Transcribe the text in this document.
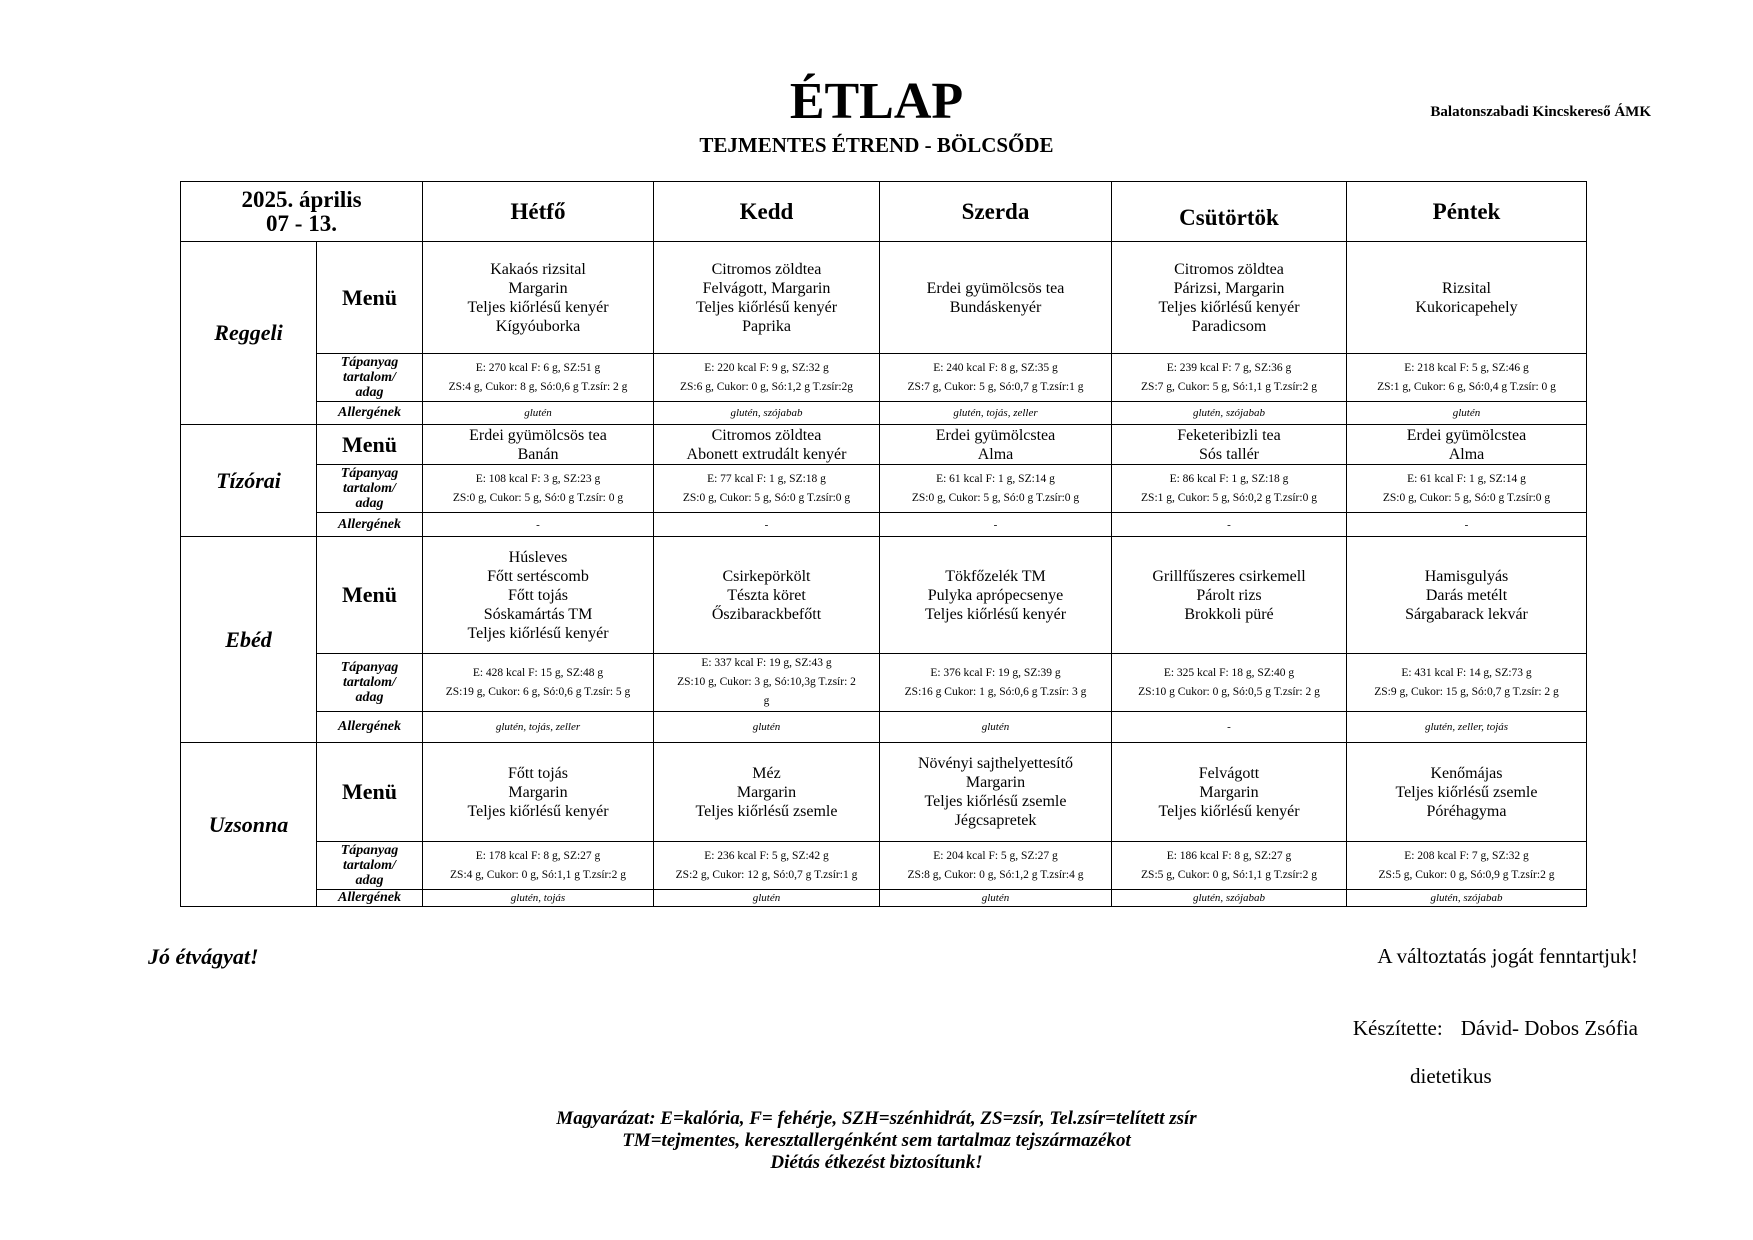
ÉTLAP
TEJMENTES ÉTREND - BÖLCSŐDE
Balatonszabadi Kincskereső ÁMK
2025. április
07 - 13.		Hétfő	Kedd	Szerda	Csütörtök	Péntek
Reggeli	Menü	Kakaós rizsital
Margarin
Teljes kiőrlésű kenyér
Kígyóuborka	Citromos zöldtea
Felvágott, Margarin
Teljes kiőrlésű kenyér
Paprika	Erdei gyümölcsös tea
Bundáskenyér	Citromos zöldtea
Párizsi, Margarin
Teljes kiőrlésű kenyér
Paradicsom	Rizsital
Kukoricapehely

	Tápanyag
tartalom/
adag	E: 270 kcal F: 6 g, SZ:51 g
ZS:4 g, Cukor: 8 g, Só:0,6 g T.zsír: 2 g	E: 220 kcal F: 9 g, SZ:32 g
ZS:6 g, Cukor: 0 g, Só:1,2 g T.zsír:2g	E: 240 kcal F: 8 g, SZ:35 g
ZS:7 g, Cukor: 5 g, Só:0,7 g T.zsír:1 g	E: 239 kcal F: 7 g, SZ:36 g
ZS:7 g, Cukor: 5 g, Só:1,1 g T.zsír:2 g	E: 218 kcal F: 5 g, SZ:46 g
ZS:1 g, Cukor: 6 g, Só:0,4 g T.zsír: 0 g

	Allergének	glutén	glutén, szójabab	glutén, tojás, zeller	glutén, szójabab	glutén
Tízórai	Menü	Erdei gyümölcsös tea
Banán	Citromos zöldtea
Abonett extrudált kenyér	Erdei gyümölcstea
Alma	Feketeribizli tea
Sós tallér	Erdei gyümölcstea
Alma

	Tápanyag
tartalom/
adag	E: 108 kcal F: 3 g, SZ:23 g
ZS:0 g, Cukor: 5 g, Só:0 g T.zsír: 0 g	E: 77 kcal F: 1 g, SZ:18 g
ZS:0 g, Cukor: 5 g, Só:0 g T.zsír:0 g	E: 61 kcal F: 1 g, SZ:14 g
ZS:0 g, Cukor: 5 g, Só:0 g T.zsír:0 g	E: 86 kcal F: 1 g, SZ:18 g
ZS:1 g, Cukor: 5 g, Só:0,2 g T.zsír:0 g	E: 61 kcal F: 1 g, SZ:14 g
ZS:0 g, Cukor: 5 g, Só:0 g T.zsír:0 g

	Allergének	-	-	-	-	-
Ebéd	Menü	Húsleves
Főtt sertéscomb
Főtt tojás
Sóskamártás TM
Teljes kiőrlésű kenyér	Csirkepörkölt
Tészta köret
Őszibarackbefőtt	Tökfőzelék TM
Pulyka aprópecsenye
Teljes kiőrlésű kenyér	Grillfűszeres csirkemell
Párolt rizs
Brokkoli püré	Hamisgulyás
Darás metélt
Sárgabarack lekvár

	Tápanyag
tartalom/
adag	E: 428 kcal F: 15 g, SZ:48 g
ZS:19 g, Cukor: 6 g, Só:0,6 g T.zsír: 5 g	E: 337 kcal F: 19 g, SZ:43 g
ZS:10 g, Cukor: 3 g, Só:10,3g T.zsír: 2
g	E: 376 kcal F: 19 g, SZ:39 g
ZS:16 g Cukor: 1 g, Só:0,6 g T.zsír: 3 g	E: 325 kcal F: 18 g, SZ:40 g
ZS:10 g Cukor: 0 g, Só:0,5 g T.zsír: 2 g	E: 431 kcal F: 14 g, SZ:73 g
ZS:9 g, Cukor: 15 g, Só:0,7 g T.zsír: 2 g

	Allergének	glutén, tojás, zeller	glutén	glutén	-	glutén, zeller, tojás
Uzsonna	Menü	Főtt tojás
Margarin
Teljes kiőrlésű kenyér	Méz
Margarin
Teljes kiőrlésű zsemle	Növényi sajthelyettesítő
Margarin
Teljes kiőrlésű zsemle
Jégcsapretek	Felvágott
Margarin
Teljes kiőrlésű kenyér	Kenőmájas
Teljes kiőrlésű zsemle
Póréhagyma

	Tápanyag
tartalom/
adag	E: 178 kcal F: 8 g, SZ:27 g
ZS:4 g, Cukor: 0 g, Só:1,1 g T.zsír:2 g	E: 236 kcal F: 5 g, SZ:42 g
ZS:2 g, Cukor: 12 g, Só:0,7 g T.zsír:1 g	E: 204 kcal F: 5 g, SZ:27 g
ZS:8 g, Cukor: 0 g, Só:1,2 g T.zsír:4 g	E: 186 kcal F: 8 g, SZ:27 g
ZS:5 g, Cukor: 0 g, Só:1,1 g T.zsír:2 g	E: 208 kcal F: 7 g, SZ:32 g
ZS:5 g, Cukor: 0 g, Só:0,9 g T.zsír:2 g

	Allergének	glutén, tojás	glutén	glutén	glutén, szójabab	glutén, szójabab
Jó étvágyat!	A változtatás jogát fenntartjuk!
Készítette: Dávid- Dobos Zsófia
dietetikus
Magyarázat: E=kalória, F= fehérje, SZH=szénhidrát, ZS=zsír, Tel.zsír=telített zsír
TM=tejmentes, keresztallergénként sem tartalmaz tejszármazékot
Diétás étkezést biztosítunk!
